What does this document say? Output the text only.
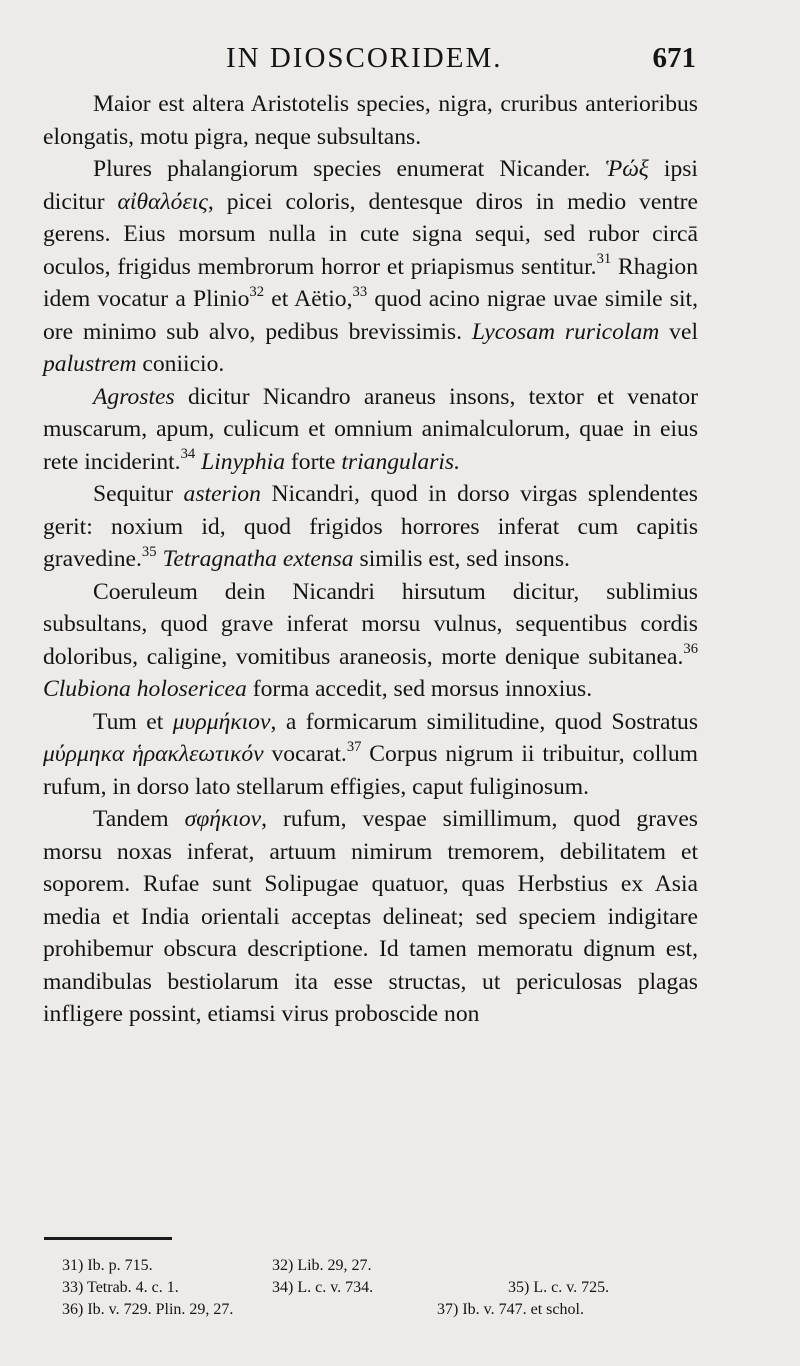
IN DIOSCORIDEM.	671

Maior est altera Aristotelis species, nigra, cruribus anterioribus elongatis, motu pigra, neque subsultans.

Plures phalangiorum species enumerat Nicander. Ῥώξ ipsi dicitur αἰθαλόεις, picei coloris, dentesque diros in medio ventre gerens. Eius morsum nulla in cute signa sequi, sed rubor circā oculos, frigidus membrorum horror et priapismus sentitur.$^{31}$ Rhagion idem vocatur a Plinio$^{32}$ et Aëtio,$^{33}$ quod acino nigrae uvae simile sit, ore minimo sub alvo, pedibus brevissimis. Lycosam ruricolam vel palustrem coniicio.

Agrostes dicitur Nicandro araneus insons, textor et venator muscarum, apum, culicum et omnium animalculorum, quae in eius rete inciderint.$^{34}$ Linyphia forte triangularis.

Sequitur asterion Nicandri, quod in dorso virgas splendentes gerit: noxium id, quod frigidos horrores inferat cum capitis gravedine.$^{35}$ Tetragnatha extensa similis est, sed insons.

Coeruleum dein Nicandri hirsutum dicitur, sublimius subsultans, quod grave inferat morsu vulnus, sequentibus cordis doloribus, caligine, vomitibus araneosis, morte denique subitanea.$^{36}$ Clubiona holosericea forma accedit, sed morsus innoxius.

Tum et μυρμήκιον, a formicarum similitudine, quod Sostratus μύρμηκα ἡρακλεωτικόν vocarat.$^{37}$ Corpus nigrum ii tribuitur, collum rufum, in dorso lato stellarum effigies, caput fuliginosum.

Tandem σφήκιον, rufum, vespae simillimum, quod graves morsu noxas inferat, artuum nimirum tremorem, debilitatem et soporem. Rufae sunt Solipugae quatuor, quas Herbstius ex Asia media et India orientali acceptas delineat; sed speciem indigitare prohibemur obscura descriptione. Id tamen memoratu dignum est, mandibulas bestiolarum ita esse structas, ut periculosas plagas infligere possint, etiamsi virus proboscide non

31) Ib. p. 715.	32) Lib. 29, 27.
33) Tetrab. 4. c. 1.	34) L. c. v. 734.	35) L. c. v. 725.
36) Ib. v. 729. Plin. 29, 27.	37) Ib. v. 747. et schol.
